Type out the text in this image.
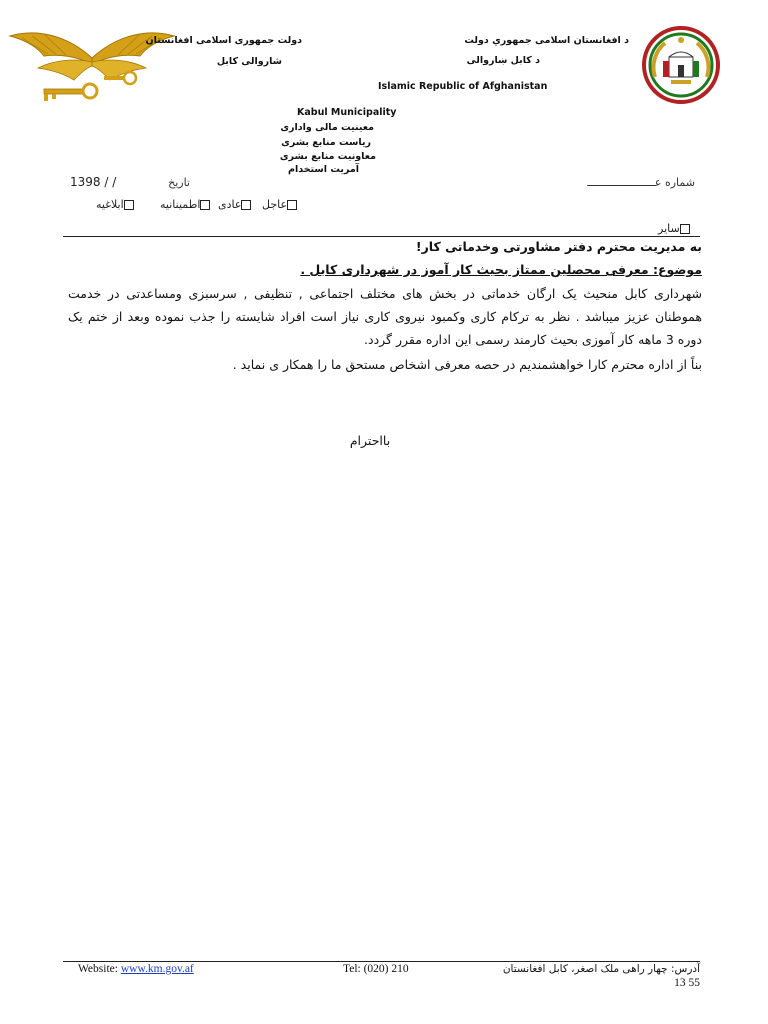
دولت جمهوری اسلامی افغانستان
شاروالی کابل
د افغانستان اسلامی جمهوري دولت
د کابل ښاروالی
Islamic Republic of Afghanistan
Kabul Municipality
معینیت مالی واداری
ریاست منابع بشری
معاونیت منابع بشری
آمریت استخدام
شماره عـــــــــــــــــــــ
تاریخ
1398 / /
عاجل
عادی
اطمینانیه
ابلاغیه
سایر
به مدیریت محترم دفتر مشاورتی وخدماتی کار!
موضوع: معرفی محصلین ممتاز بحیث کار آموز در شهرداری کابل .
شهرداری کابل منحیث یک ارگان خدماتی در بخش های مختلف اجتماعی , تنظیفی , سرسبزی ومساعدتی در خدمت هموطنان عزیز میباشد . نظر به ترکام کاری وکمبود نیروی کاری نیاز است افراد شایسته را جذب نموده وبعد از ختم یک دوره 3 ماهه کار آموزی بحیث کارمند رسمی این اداره مقرر گردد.
بناً از اداره محترم کارا خواهشمندیم در حصه معرفی اشخاص مستحق ما را همکار ی نماید .
بااحترام
Website: www.km.gov.af	Tel: (020) 210	آدرس: چهار راهی ملک اصغر، کابل افغانستان
13 55
